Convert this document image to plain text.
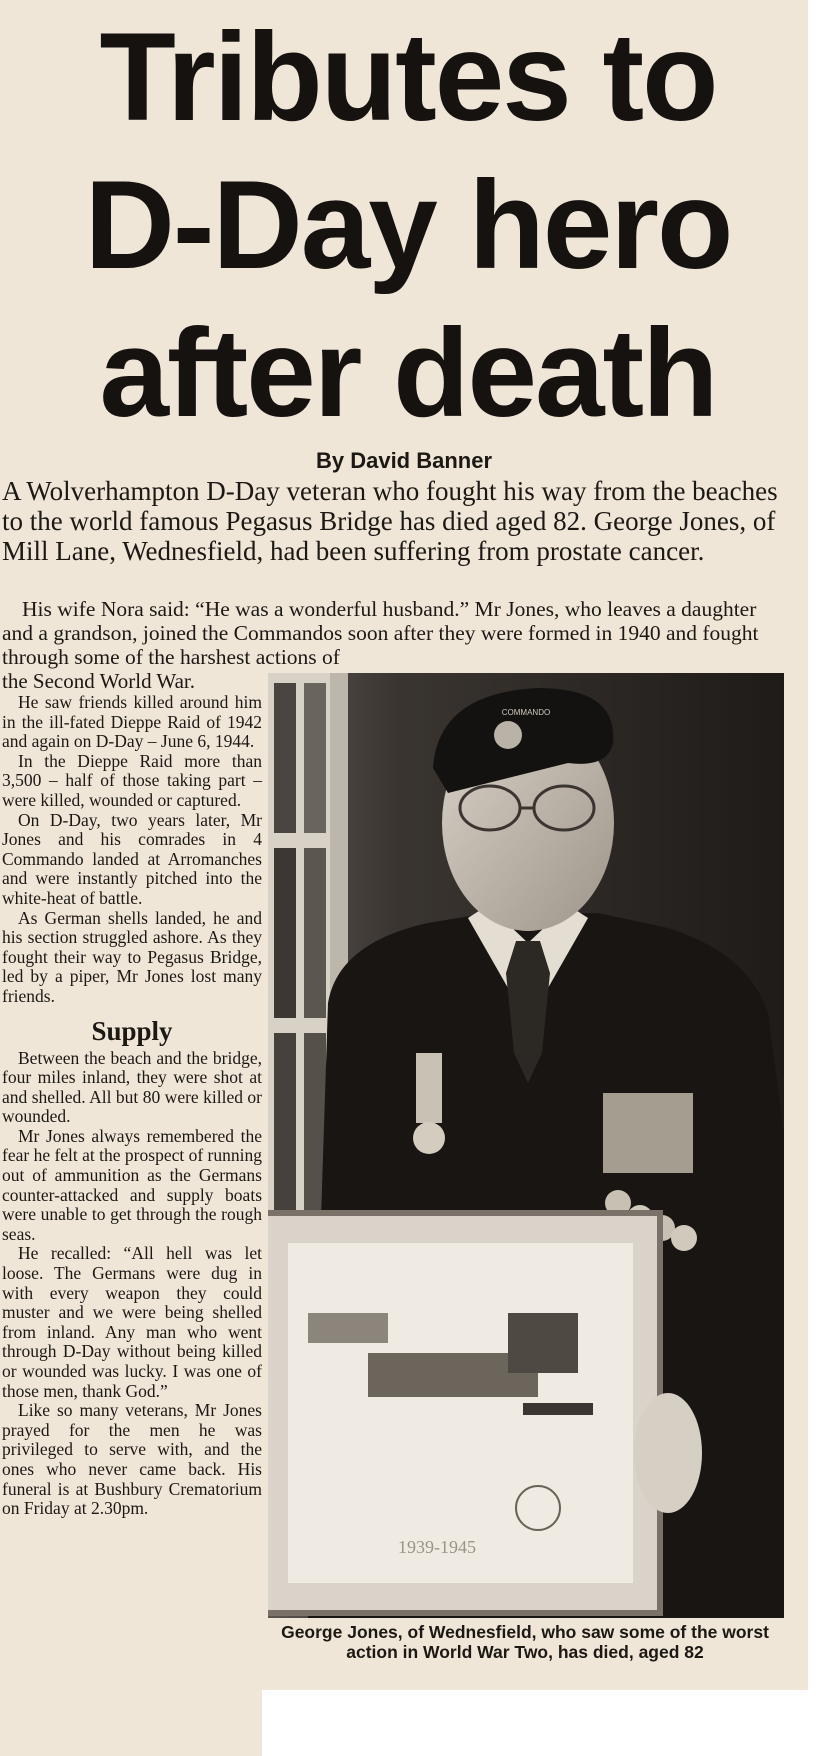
Tributes to
D-Day hero
after death
By David Banner

A Wolverhampton D-Day veteran who fought his way from the beaches to the world famous Pegasus Bridge has died aged 82. George Jones, of Mill Lane, Wednesfield, had been suffering from prostate cancer.

His wife Nora said: “He was a wonderful husband.” Mr Jones, who leaves a daughter and a grandson, joined the Commandos soon after they were formed in 1940 and fought through some of the harshest actions of

the Second World War.

He saw friends killed around him in the ill-fated Dieppe Raid of 1942 and again on D-Day – June 6, 1944.

In the Dieppe Raid more than 3,500 – half of those taking part – were killed, wounded or captured.

On D-Day, two years later, Mr Jones and his comrades in 4 Commando landed at Arromanches and were instantly pitched into the white-heat of battle.

As German shells landed, he and his section struggled ashore. As they fought their way to Pegasus Bridge, led by a piper, Mr Jones lost many friends.

Supply

Between the beach and the bridge, four miles inland, they were shot at and shelled. All but 80 were killed or wounded.

Mr Jones always remembered the fear he felt at the prospect of running out of ammunition as the Germans counter-attacked and supply boats were unable to get through the rough seas.

He recalled: “All hell was let loose. The Germans were dug in with every weapon they could muster and we were being shelled from inland. Any man who went through D-Day without being killed or wounded was lucky. I was one of those men, thank God.”

Like so many veterans, Mr Jones prayed for the men he was privileged to serve with, and the ones who never came back. His funeral is at Bushbury Crematorium on Friday at 2.30pm.

1939-1945
COMMANDO
George Jones, of Wednesfield, who saw some of the worst action in World War Two, has died, aged 82
